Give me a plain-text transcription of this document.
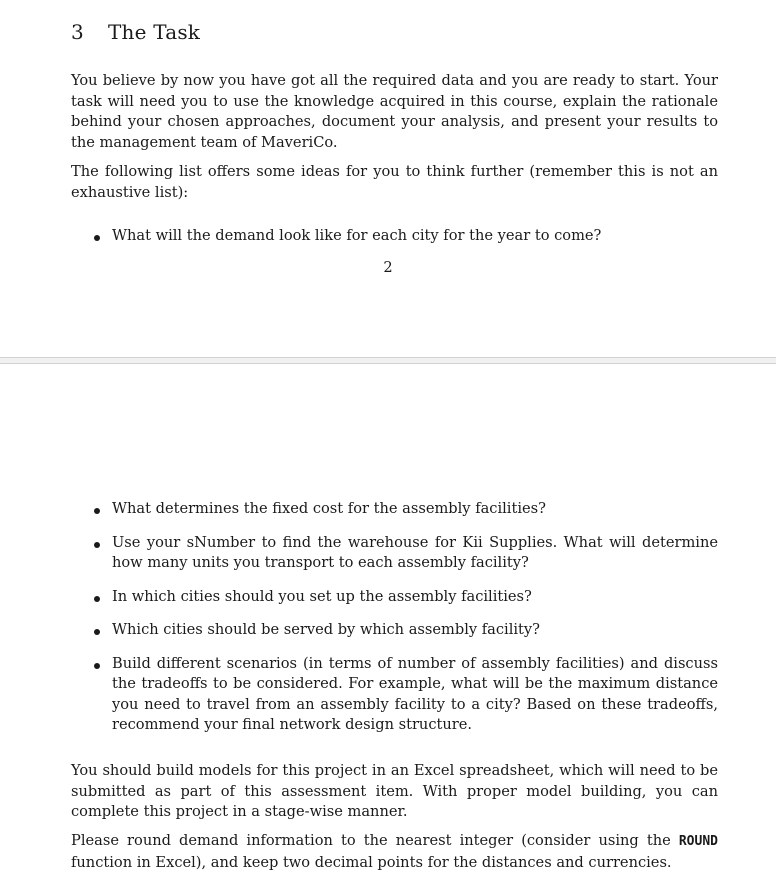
3 The Task

You believe by now you have got all the required data and you are ready to start. Your task will need you to use the knowledge acquired in this course, explain the rationale behind your chosen approaches, document your analysis, and present your results to the management team of MaveriCo.

The following list offers some ideas for you to think further (remember this is not an exhaustive list):

What will the demand look like for each city for the year to come?
2
What determines the fixed cost for the assembly facilities?
Use your sNumber to find the warehouse for Kii Supplies. What will determine how many units you transport to each assembly facility?
In which cities should you set up the assembly facilities?
Which cities should be served by which assembly facility?
Build different scenarios (in terms of number of assembly facilities) and discuss the tradeoffs to be considered. For example, what will be the maximum distance you need to travel from an assembly facility to a city? Based on these tradeoffs, recommend your final network design structure.

You should build models for this project in an Excel spreadsheet, which will need to be submitted as part of this assessment item. With proper model building, you can complete this project in a stage-wise manner.

Please round demand information to the nearest integer (consider using the ROUND function in Excel), and keep two decimal points for the distances and currencies.
